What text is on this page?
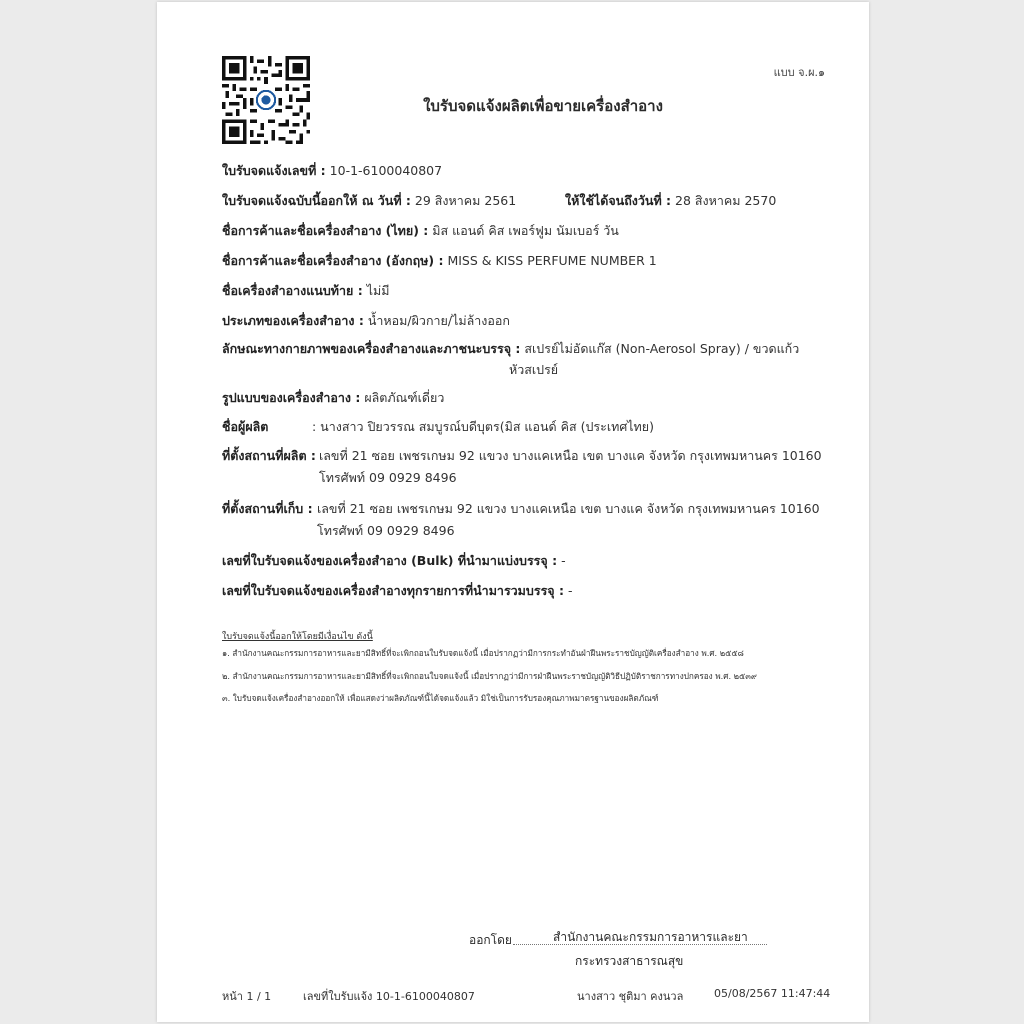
แบบ จ.ผ.๑
ใบรับจดแจ้งผลิตเพื่อขายเครื่องสำอาง
ใบรับจดแจ้งเลขที่ : 10-1-6100040807
ใบรับจดแจ้งฉบับนี้ออกให้ ณ วันที่ : 29 สิงหาคม 2561	ให้ใช้ได้จนถึงวันที่ : 28 สิงหาคม 2570
ชื่อการค้าและชื่อเครื่องสำอาง (ไทย) : มิส แอนด์ คิส เพอร์ฟูม นัมเบอร์ วัน
ชื่อการค้าและชื่อเครื่องสำอาง (อังกฤษ) : MISS & KISS PERFUME NUMBER 1
ชื่อเครื่องสำอางแนบท้าย : ไม่มี
ประเภทของเครื่องสำอาง : น้ำหอม/ผิวกาย/ไม่ล้างออก
ลักษณะทางกายภาพของเครื่องสำอางและภาชนะบรรจุ : สเปรย์ไม่อัดแก๊ส (Non-Aerosol Spray) / ขวดแก้ว
หัวสเปรย์
รูปแบบของเครื่องสำอาง : ผลิตภัณฑ์เดี่ยว
ชื่อผู้ผลิต	: นางสาว ปิยวรรณ สมบูรณ์บดีบุตร(มิส แอนด์ คิส (ประเทศไทย)
ที่ตั้งสถานที่ผลิต : เลขที่ 21 ซอย เพชรเกษม 92 แขวง บางแคเหนือ เขต บางแค จังหวัด กรุงเทพมหานคร 10160
โทรศัพท์ 09 0929 8496
ที่ตั้งสถานที่เก็บ : เลขที่ 21 ซอย เพชรเกษม 92 แขวง บางแคเหนือ เขต บางแค จังหวัด กรุงเทพมหานคร 10160
โทรศัพท์ 09 0929 8496
เลขที่ใบรับจดแจ้งของเครื่องสำอาง (Bulk) ที่นำมาแบ่งบรรจุ : -
เลขที่ใบรับจดแจ้งของเครื่องสำอางทุกรายการที่นำมารวมบรรจุ : -
ใบรับจดแจ้งนี้ออกให้โดยมีเงื่อนไข ดังนี้
๑. สำนักงานคณะกรรมการอาหารและยามีสิทธิ์ที่จะเพิกถอนใบรับจดแจ้งนี้ เมื่อปรากฏว่ามีการกระทำอันฝ่าฝืนพระราชบัญญัติเครื่องสำอาง พ.ศ. ๒๕๕๘
๒. สำนักงานคณะกรรมการอาหารและยามีสิทธิ์ที่จะเพิกถอนใบจดแจ้งนี้ เมื่อปรากฏว่ามีการฝ่าฝืนพระราชบัญญัติวิธีปฏิบัติราชการทางปกครอง พ.ศ. ๒๕๓๙
๓. ใบรับจดแจ้งเครื่องสำอางออกให้ เพื่อแสดงว่าผลิตภัณฑ์นี้ได้จดแจ้งแล้ว มิใช่เป็นการรับรองคุณภาพมาตรฐานของผลิตภัณฑ์
ออกโดย	สำนักงานคณะกรรมการอาหารและยา
กระทรวงสาธารณสุข
หน้า 1 / 1	เลขที่ใบรับแจ้ง 10-1-6100040807	นางสาว ชุติมา คงนวล	05/08/2567 11:47:44
